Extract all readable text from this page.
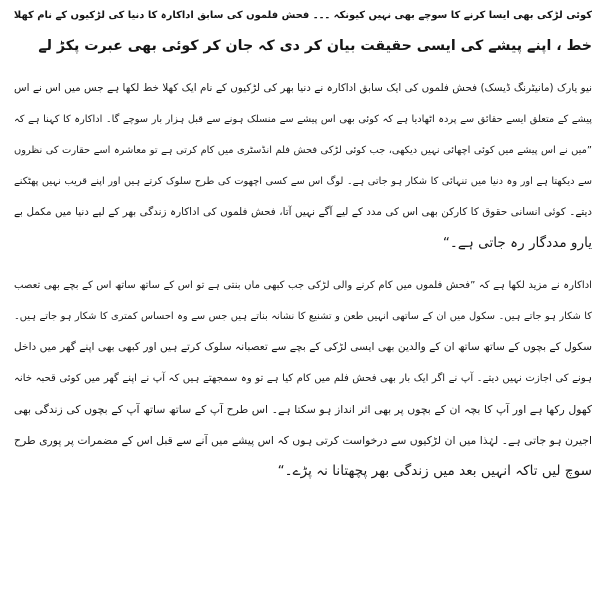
کوئی لڑکی بھی ایسا کرنے کا سوچے بھی نہیں کیونکہ ۔۔۔ فحش فلموں کی سابق اداکارہ کا دنیا کی لڑکیوں کے نام کھلا
خط ، اپنے پیشے کی ایسی حقیقت بیان کر دی کہ جان کر کوئی بھی عبرت پکڑ لے
نیو یارک (مانیٹرنگ ڈیسک) فحش فلموں کی ایک سابق اداکارہ نے دنیا بھر کی لڑکیوں کے نام ایک کھلا خط لکھا ہے جس میں اس نے اس
پیشے کے متعلق ایسے حقائق سے پردہ اٹھادیا ہے کہ کوئی بھی اس پیشے سے منسلک ہونے سے قبل ہزار بار سوچے گا۔ اداکارہ کا کہنا ہے کہ
”میں نے اس پیشے میں کوئی اچھائی نہیں دیکھی، جب کوئی لڑکی فحش فلم انڈسٹری میں کام کرتی ہے تو معاشرہ اسے حقارت کی نظروں
سے دیکھتا ہے اور وہ دنیا میں تنہائی کا شکار ہو جاتی ہے۔ لوگ اس سے کسی اچھوت کی طرح سلوک کرتے ہیں اور اپنے قریب نہیں پھٹکنے
دیتے۔ کوئی انسانی حقوق کا کارکن بھی اس کی مدد کے لیے آگے نہیں آتا، فحش فلموں کی اداکارہ زندگی بھر کے لیے دنیا میں مکمل بے
یارو مددگار رہ جاتی ہے۔“
اداکارہ نے مزید لکھا ہے کہ ”فحش فلموں میں کام کرنے والی لڑکی جب کبھی ماں بنتی ہے تو اس کے ساتھ ساتھ اس کے بچے بھی تعصب
کا شکار ہو جاتے ہیں۔ سکول میں ان کے ساتھی انہیں طعن و تشنیع کا نشانہ بناتے ہیں جس سے وہ احساس کمتری کا شکار ہو جاتے ہیں۔
سکول کے بچوں کے ساتھ ساتھ ان کے والدین بھی ایسی لڑکی کے بچے سے تعصبانہ سلوک کرتے ہیں اور کبھی بھی اپنے گھر میں داخل
ہونے کی اجازت نہیں دیتے۔ آپ نے اگر ایک بار بھی فحش فلم میں کام کیا ہے تو وہ سمجھتے ہیں کہ آپ نے اپنے گھر میں کوئی قحبہ خانہ
کھول رکھا ہے اور آپ کا بچہ ان کے بچوں پر بھی اثر انداز ہو سکتا ہے۔ اس طرح آپ کے ساتھ ساتھ آپ کے بچوں کی زندگی بھی
اجیرن ہو جاتی ہے۔ لہٰذا میں ان لڑکیوں سے درخواست کرتی ہوں کہ اس پیشے میں آنے سے قبل اس کے مضمرات پر پوری طرح
سوچ لیں تاکہ انہیں بعد میں زندگی بھر پچھتانا نہ پڑے۔“
